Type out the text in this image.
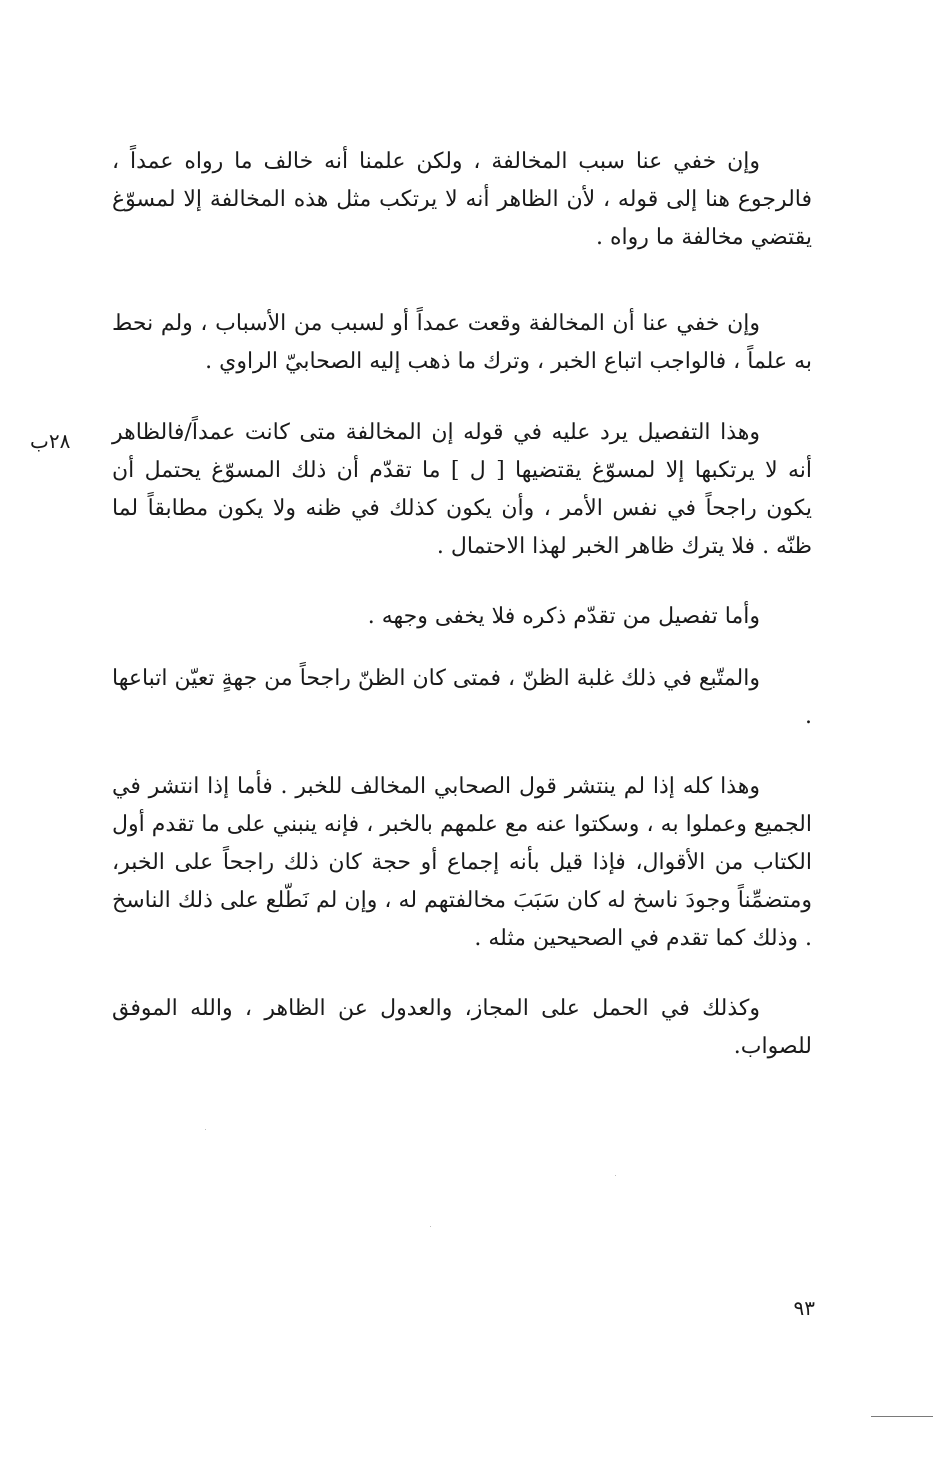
وإن خفي عنا سبب المخالفة ، ولكن علمنا أنه خالف ما رواه عمداً ، فالرجوع هنا إلى قوله ، لأن الظاهر أنه لا يرتكب مثل هذه المخالفة إلا لمسوّغ يقتضي مخالفة ما رواه .

وإن خفي عنا أن المخالفة وقعت عمداً أو لسبب من الأسباب ، ولم نحط به علماً ، فالواجب اتباع الخبر ، وترك ما ذهب إليه الصحابيّ الراوي .

وهذا التفصيل يرد عليه في قوله إن المخالفة متى كانت عمداً/فالظاهر أنه لا يرتكبها إلا لمسوّغ يقتضيها [ ل ] ما تقدّم أن ذلك المسوّغ يحتمل أن يكون راجحاً في نفس الأمر ، وأن يكون كذلك في ظنه ولا يكون مطابقاً لما ظنّه . فلا يترك ظاهر الخبر لهذا الاحتمال .

٢٨ب

وأما تفصيل من تقدّم ذكره فلا يخفى وجهه .

والمتّبع في ذلك غلبة الظنّ ، فمتى كان الظنّ راجحاً من جهةٍ تعيّن اتباعها .

وهذا كله إذا لم ينتشر قول الصحابي المخالف للخبر . فأما إذا انتشر في الجميع وعملوا به ، وسكتوا عنه مع علمهم بالخبر ، فإنه ينبني على ما تقدم أول الكتاب من الأقوال، فإذا قيل بأنه إجماع أو حجة كان ذلك راجحاً على الخبر، ومتضمِّناً وجودَ ناسخ له كان سَبَبَ مخالفتهم له ، وإن لم نَطّلع على ذلك الناسخ . وذلك كما تقدم في الصحيحين مثله .

وكذلك في الحمل على المجاز، والعدول عن الظاهر ، والله الموفق للصواب.

٩٣
